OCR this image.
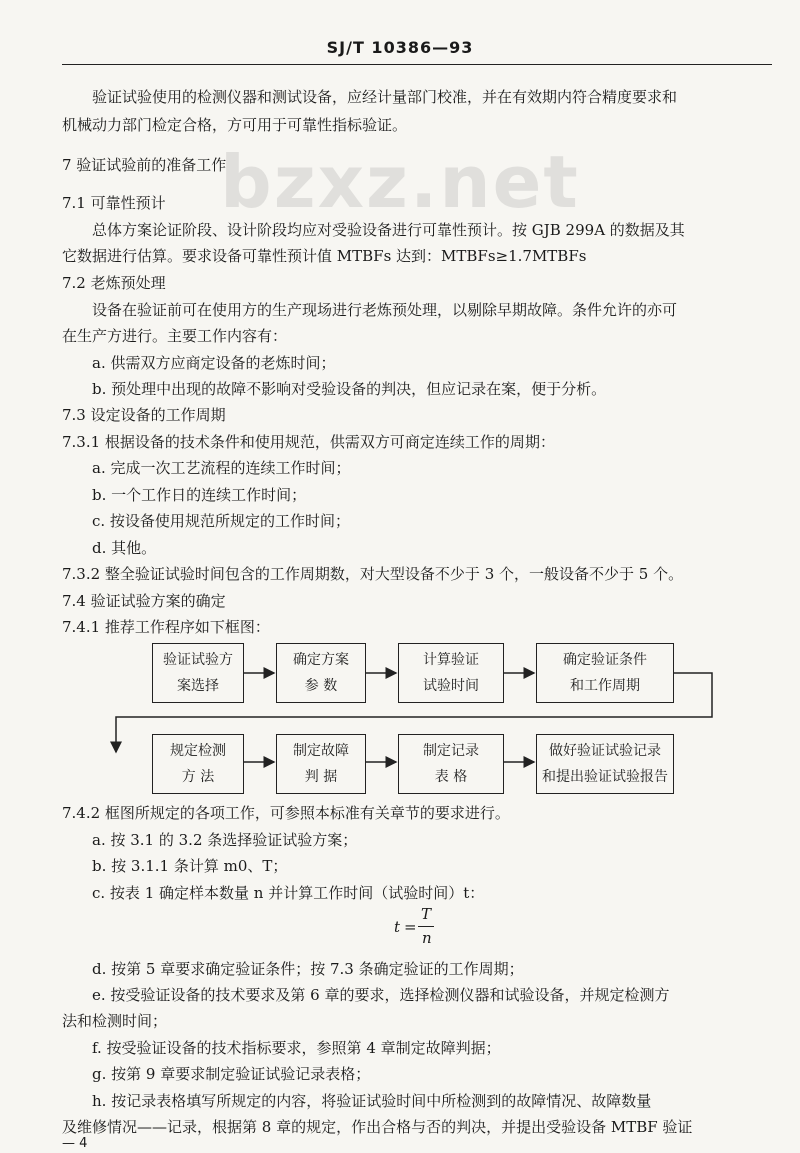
SJ/T 10386—93
bzxz.net
验证试验使用的检测仪器和测试设备，应经计量部门校准，并在有效期内符合精度要求和
机械动力部门检定合格，方可用于可靠性指标验证。
7 验证试验前的准备工作
7.1 可靠性预计
总体方案论证阶段、设计阶段均应对受验设备进行可靠性预计。按 GJB 299A 的数据及其
它数据进行估算。要求设备可靠性预计值 MTBFs 达到：MTBFs≥1.7MTBFs
7.2 老炼预处理
设备在验证前可在使用方的生产现场进行老炼预处理，以剔除早期故障。条件允许的亦可
在生产方进行。主要工作内容有：
a. 供需双方应商定设备的老炼时间；
b. 预处理中出现的故障不影响对受验设备的判决，但应记录在案，便于分析。
7.3 设定设备的工作周期
7.3.1 根据设备的技术条件和使用规范，供需双方可商定连续工作的周期：
a. 完成一次工艺流程的连续工作时间；
b. 一个工作日的连续工作时间；
c. 按设备使用规范所规定的工作时间；
d. 其他。
7.3.2 整全验证试验时间包含的工作周期数，对大型设备不少于 3 个，一般设备不少于 5 个。
7.4 验证试验方案的确定
7.4.1 推荐工作程序如下框图：
验证试验方
案选择
确定方案
参 数
计算验证
试验时间
确定验证条件
和工作周期
规定检测
方 法
制定故障
判 据
制定记录
表 格
做好验证试验记录
和提出验证试验报告
7.4.2 框图所规定的各项工作，可参照本标准有关章节的要求进行。
a. 按 3.1 的 3.2 条选择验证试验方案；
b. 按 3.1.1 条计算 m0、T；
c. 按表 1 确定样本数量 n 并计算工作时间（试验时间）t：
t =
T
n
d. 按第 5 章要求确定验证条件；按 7.3 条确定验证的工作周期；
e. 按受验证设备的技术要求及第 6 章的要求，选择检测仪器和试验设备，并规定检测方
法和检测时间；
f. 按受验证设备的技术指标要求，参照第 4 章制定故障判据；
g. 按第 9 章要求制定验证试验记录表格；
h. 按记录表格填写所规定的内容，将验证试验时间中所检测到的故障情况、故障数量
及维修情况——记录，根据第 8 章的规定，作出合格与否的判决，并提出受验设备 MTBF 验证
— 4
